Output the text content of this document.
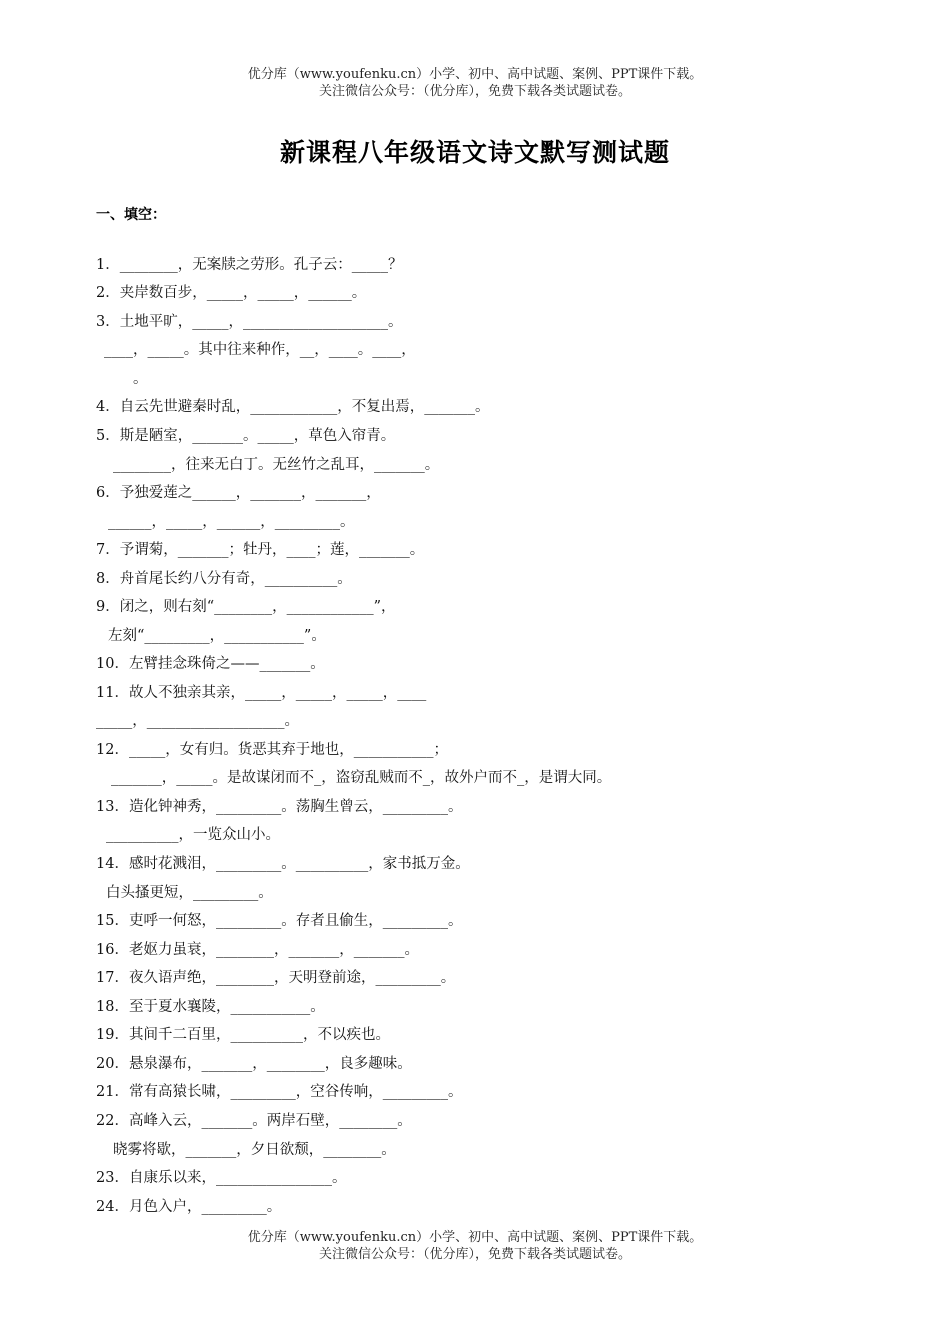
优分库（www.youfenku.cn）小学、初中、高中试题、案例、PPT课件下载。
关注微信公众号：（优分库），免费下载各类试题试卷。
新课程八年级语文诗文默写测试题
一、填空：
1．________，无案牍之劳形。孔子云：_____？
2．夹岸数百步，_____，_____，______。
3．土地平旷，_____，____________________。
____，_____。其中往来种作，__，____。____，
。
4．自云先世避秦时乱，____________，不复出焉，_______。
5．斯是陋室，_______。_____，草色入帘青。
________，往来无白丁。无丝竹之乱耳，_______。
6．予独爱莲之______，_______，_______，
______，_____，______，_________。
7．予谓菊，_______；牡丹，____；莲，_______。
8．舟首尾长约八分有奇，__________。
9．闭之，则右刻“________，____________”，
左刻“_________，___________”。
10．左臂挂念珠倚之——_______。
11．故人不独亲其亲，_____，_____，_____，____
_____，___________________。
12．_____，女有归。货恶其弃于地也，___________；
_______，_____。是故谋闭而不_，盗窃乱贼而不_，故外户而不_，是谓大同。
13．造化钟神秀，_________。荡胸生曾云，_________。
__________，一览众山小。
14．感时花溅泪，_________。__________，家书抵万金。
白头搔更短，_________。
15．吏呼一何怒，_________。存者且偷生，_________。
16．老妪力虽衰，________，_______，_______。
17．夜久语声绝，________，天明登前途，_________。
18．至于夏水襄陵，___________。
19．其间千二百里，__________，不以疾也。
20．悬泉瀑布，_______，________，良多趣味。
21．常有高猿长啸，_________，空谷传响，_________。
22．高峰入云，_______。两岸石壁，________。
晓雾将歇，_______，夕日欲颓，________。
23．自康乐以来，________________。
24．月色入户，_________。
优分库（www.youfenku.cn）小学、初中、高中试题、案例、PPT课件下载。
关注微信公众号：（优分库），免费下载各类试题试卷。
